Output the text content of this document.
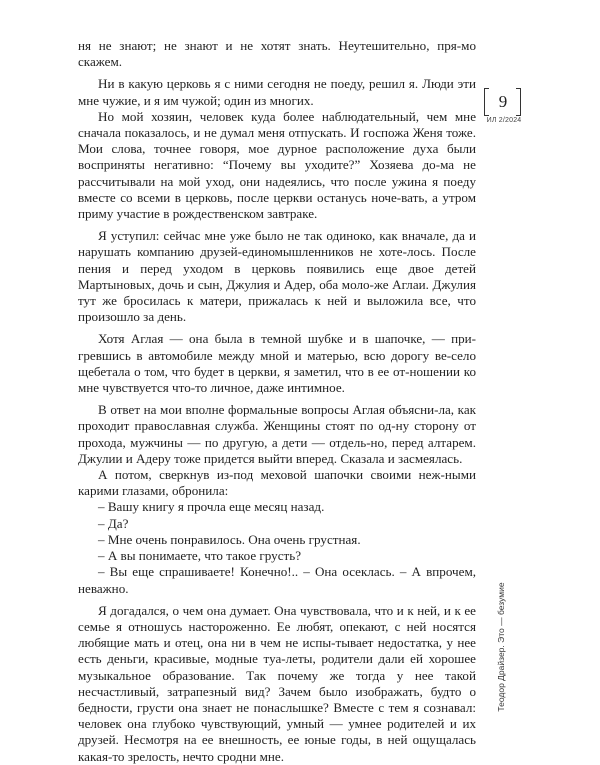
ня не знают; не знают и не хотят знать. Неутешительно, пря-мо скажем.

Ни в какую церковь я с ними сегодня не поеду, решил я. Люди эти мне чужие, и я им чужой; один из многих.

Но мой хозяин, человек куда более наблюдательный, чем мне сначала показалось, и не думал меня отпускать. И госпожа Женя тоже. Мои слова, точнее говоря, мое дурное расположение духа были восприняты негативно: “Почему вы уходите?” Хозяева до-ма не рассчитывали на мой уход, они надеялись, что после ужина я поеду вместе со всеми в церковь, после церкви останусь ноче-вать, а утром приму участие в рождественском завтраке.

Я уступил: сейчас мне уже было не так одиноко, как вначале, да и нарушать компанию друзей-единомышленников не хоте-лось. После пения и перед уходом в церковь появились еще двое детей Мартыновых, дочь и сын, Джулия и Адер, оба моло-же Аглаи. Джулия тут же бросилась к матери, прижалась к ней и выложила все, что произошло за день.

Хотя Аглая — она была в темной шубке и в шапочке, — при-гревшись в автомобиле между мной и матерью, всю дорогу ве-село щебетала о том, что будет в церкви, я заметил, что в ее от-ношении ко мне чувствуется что-то личное, даже интимное.

В ответ на мои вполне формальные вопросы Аглая объясни-ла, как проходит православная служба. Женщины стоят по од-ну сторону от прохода, мужчины — по другую, а дети — отдель-но, перед алтарем. Джулии и Адеру тоже придется выйти вперед. Сказала и засмеялась.

А потом, сверкнув из-под меховой шапочки своими неж-ными карими глазами, обронила:

– Вашу книгу я прочла еще месяц назад.

– Да?

– Мне очень понравилось. Она очень грустная.

– А вы понимаете, что такое грусть?

– Вы еще спрашиваете! Конечно!.. – Она осеклась. – А впрочем, неважно.

Я догадался, о чем она думает. Она чувствовала, что и к ней, и к ее семье я отношусь настороженно. Ее любят, опекают, с ней носятся любящие мать и отец, она ни в чем не испы-тывает недостатка, у нее есть деньги, красивые, модные туа-леты, родители дали ей хорошее музыкальное образование. Так почему же тогда у нее такой несчастливый, затрапезный вид? Зачем было изображать, будто о бедности, грусти она знает не понаслышке? Вместе с тем я сознавал: человек она глубоко чувствующий, умный — умнее родителей и их друзей. Несмотря на ее внешность, ее юные годы, в ней ощущалась какая-то зрелость, нечто сродни мне.

9
ИЛ 2/2024
Теодор Драйзер. Это — безумие
